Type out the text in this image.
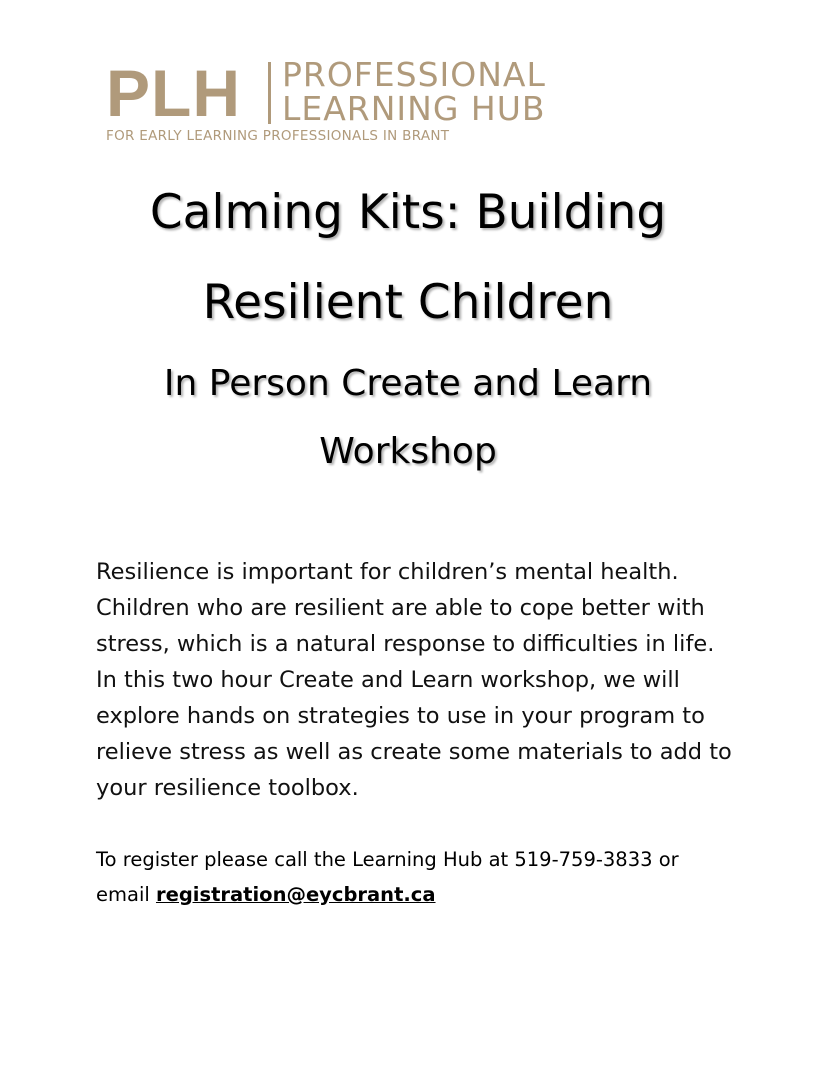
PLH PROFESSIONAL
LEARNING HUB
FOR EARLY LEARNING PROFESSIONALS IN BRANT
Calming Kits: Building
Resilient Children
In Person Create and Learn
Workshop

Resilience is important for children’s mental health. Children who are resilient are able to cope better with stress, which is a natural response to difficulties in life. In this two hour Create and Learn workshop, we will explore hands on strategies to use in your program to relieve stress as well as create some materials to add to your resilience toolbox.

To register please call the Learning Hub at 519-759-3833 or email registration@eycbrant.ca
